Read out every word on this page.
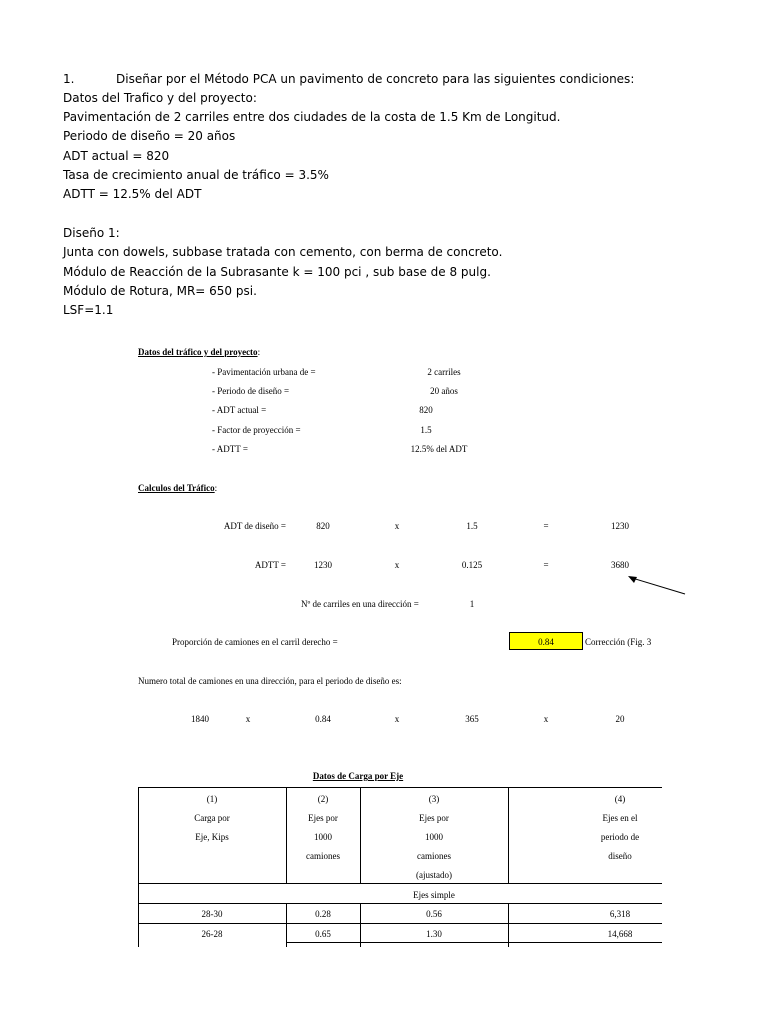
1.	Diseñar por el Método PCA un pavimento de concreto para las siguientes condiciones:
Datos del Trafico y del proyecto:
Pavimentación de 2 carriles entre dos ciudades de la costa de 1.5 Km de Longitud.
Periodo de diseño = 20 años
ADT actual = 820
Tasa de crecimiento anual de tráfico = 3.5%
ADTT = 12.5% del ADT
Diseño 1:
Junta con dowels, subbase tratada con cemento, con berma de concreto.
Módulo de Reacción de la Subrasante k = 100 pci , sub base de 8 pulg.
Módulo de Rotura, MR= 650 psi.
LSF=1.1
Datos del tráfico y del proyecto:
- Pavimentación urbana de =	2 carriles
- Periodo de diseño =	20 años
- ADT actual =	820
- Factor de proyección =	1.5
- ADTT =	12.5% del ADT
Calculos del Tráfico:
ADT de diseño =	820	x	1.5	=	1230
ADTT =	1230	x	0.125	=	3680
Nº de carriles en una dirección =	1
Proporción de camiones en el carril derecho =	0.84	Corrección (Fig. 3
Numero total de camiones en una dirección, para el periodo de diseño es:
1840	x	0.84	x	365	x	20
Datos de Carga por Eje
(1)
Carga por
Eje, Kips
(2)
Ejes por
1000
camiones
(3)
Ejes por
1000
camiones
(ajustado)
(4)
Ejes en el
periodo de
diseño
Ejes simple
28-30	0.28	0.56	6,318
26-28	0.65	1.30	14,668
